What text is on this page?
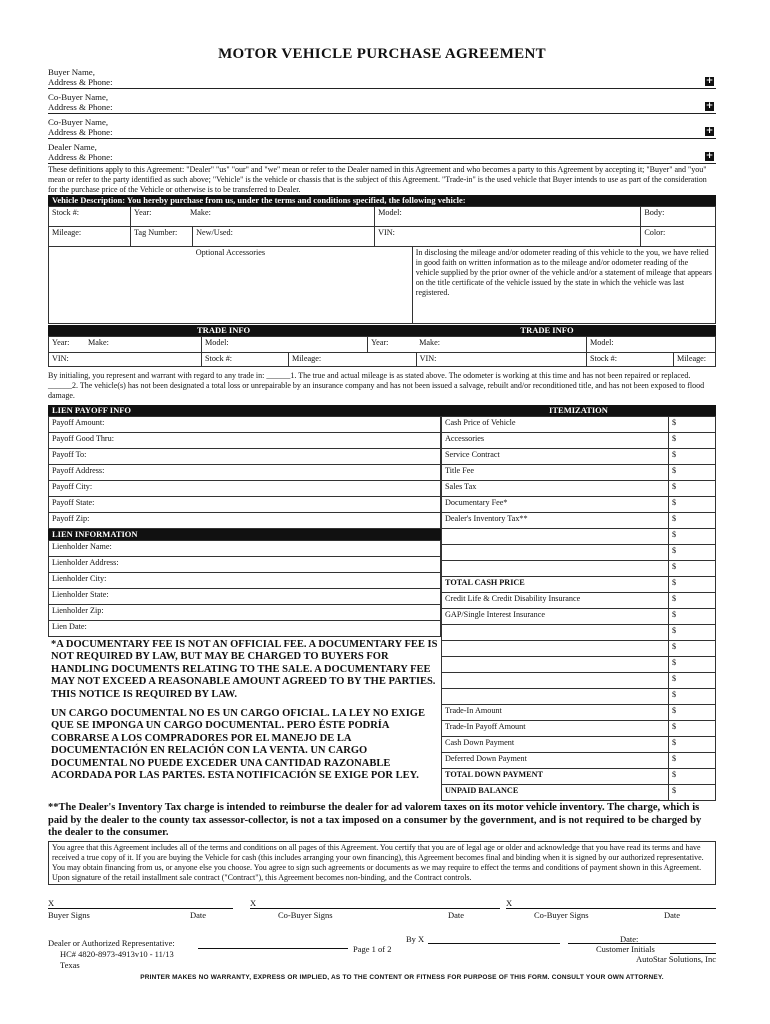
MOTOR VEHICLE PURCHASE AGREEMENT
Buyer Name,
Address & Phone:	+
Co-Buyer Name,
Address & Phone:	+
Co-Buyer Name,
Address & Phone:	+
Dealer Name,
Address & Phone:	+
These definitions apply to this Agreement: "Dealer" "us" "our" and "we" mean or refer to the Dealer named in this Agreement and who becomes a party to this Agreement by accepting it; "Buyer" and "you" mean or refer to the party identified as such above; "Vehicle" is the vehicle or chassis that is the subject of this Agreement. "Trade-in" is the used vehicle that Buyer intends to use as part of the consideration for the purchase price of the Vehicle or otherwise is to be transferred to Dealer.
Vehicle Description: You hereby purchase from us, under the terms and conditions specified, the following vehicle:
Stock #:	Year:	Make:		Model:		Body:
Mileage:	Tag Number:		New/Used:	VIN:		Color:
Optional Accessories					In disclosing the mileage and/or odometer reading of this vehicle to the you, we have relied in good faith on written information as to the mileage and/or odometer reading of the vehicle supplied by the prior owner of the vehicle and/or a statement of mileage that appears on the title certificate of the vehicle issued by the state in which the vehicle was last registered.	
TRADE INFO	TRADE INFO
Year:	Make:	Model:		Year:	Make:	Model:	
VIN:		Stock #:	Mileage:		VIN:	Stock #:	Mileage:
By initialing, you represent and warrant with regard to any trade in: ______1. The true and actual mileage is as stated above. The odometer is working at this time and has not been repaired or replaced. ______2. The vehicle(s) has not been designated a total loss or unrepairable by an insurance company and has not been issued a salvage, rebuilt and/or reconditioned title, and has not been exposed to flood damage.
LIEN PAYOFF INFO
Payoff Amount:
Payoff Good Thru:
Payoff To:
Payoff Address:
Payoff City:
Payoff State:
Payoff Zip:
LIEN INFORMATION
Lienholder Name:
Lienholder Address:
Lienholder City:
Lienholder State:
Lienholder Zip:
Lien Date:
*A DOCUMENTARY FEE IS NOT AN OFFICIAL FEE. A DOCUMENTARY FEE IS NOT REQUIRED BY LAW, BUT MAY BE CHARGED TO BUYERS FOR HANDLING DOCUMENTS RELATING TO THE SALE. A DOCUMENTARY FEE MAY NOT EXCEED A REASONABLE AMOUNT AGREED TO BY THE PARTIES. THIS NOTICE IS REQUIRED BY LAW.
UN CARGO DOCUMENTAL NO ES UN CARGO OFICIAL. LA LEY NO EXIGE QUE SE IMPONGA UN CARGO DOCUMENTAL. PERO ÉSTE PODRÍA COBRARSE A LOS COMPRADORES POR EL MANEJO DE LA DOCUMENTACIÓN EN RELACIÓN CON LA VENTA. UN CARGO DOCUMENTAL NO PUEDE EXCEDER UNA CANTIDAD RAZONABLE ACORDADA POR LAS PARTES. ESTA NOTIFICACIÓN SE EXIGE POR LEY.
ITEMIZATION
Cash Price of Vehicle	$
Accessories	$
Service Contract	$
Title Fee	$
Sales Tax	$
Documentary Fee*	$
Dealer's Inventory Tax**	$
	$
	$
	$
TOTAL CASH PRICE	$
Credit Life & Credit Disability Insurance	$
GAP/Single Interest Insurance	$
	$
	$
	$
	$
	$
Trade-In Amount	$
Trade-In Payoff Amount	$
Cash Down Payment	$
Deferred Down Payment	$
TOTAL DOWN PAYMENT	$
UNPAID BALANCE	$
**The Dealer's Inventory Tax charge is intended to reimburse the dealer for ad valorem taxes on its motor vehicle inventory. The charge, which is paid by the dealer to the county tax assessor-collector, is not a tax imposed on a consumer by the government, and is not required to be charged by the dealer to the consumer.
You agree that this Agreement includes all of the terms and conditions on all pages of this Agreement. You certify that you are of legal age or older and acknowledge that you have read its terms and have received a true copy of it. If you are buying the Vehicle for cash (this includes arranging your own financing), this Agreement becomes final and binding when it is signed by our authorized representative. You may obtain financing from us, or anyone else you choose. You agree to sign such agreements or documents as we may require to effect the terms and conditions of payment shown in this Agreement. Upon signature of the retail installment sale contract ("Contract"), this Agreement becomes non-binding, and the Contract controls.
X
Buyer Signs	Date
X
Co-Buyer Signs	Date
X
Co-Buyer Signs	Date
Dealer or Authorized Representative:
HC# 4820-8973-4913v10 - 11/13
Texas
By X
Page 1 of 2
Date:
Customer Initials
AutoStar Solutions, Inc
PRINTER MAKES NO WARRANTY, EXPRESS OR IMPLIED, AS TO THE CONTENT OR FITNESS FOR PURPOSE OF THIS FORM. CONSULT YOUR OWN ATTORNEY.
